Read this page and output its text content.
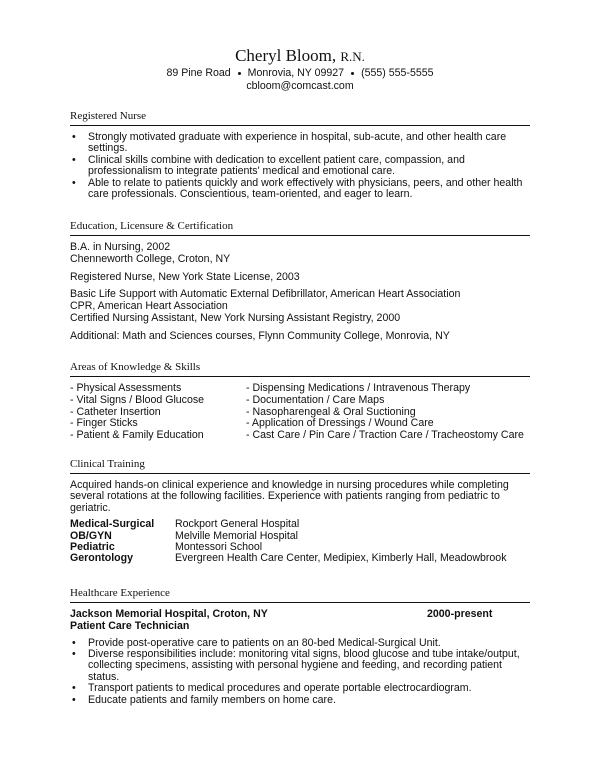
Cheryl Bloom, R.N.
89 Pine Road Monrovia, NY 09927 (555) 555-5555
cbloom@comcast.com
Registered Nurse
• Strongly motivated graduate with experience in hospital, sub-acute, and other health care settings.
• Clinical skills combine with dedication to excellent patient care, compassion, and professionalism to integrate patients' medical and emotional care.
• Able to relate to patients quickly and work effectively with physicians, peers, and other health care professionals. Conscientious, team-oriented, and eager to learn.
Education, Licensure & Certification
B.A. in Nursing, 2002
Chenneworth College, Croton, NY
Registered Nurse, New York State License, 2003
Basic Life Support with Automatic External Defibrillator, American Heart Association
CPR, American Heart Association
Certified Nursing Assistant, New York Nursing Assistant Registry, 2000
Additional: Math and Sciences courses, Flynn Community College, Monrovia, NY
Areas of Knowledge & Skills
- Physical Assessments
- Vital Signs / Blood Glucose
- Catheter Insertion
- Finger Sticks
- Patient & Family Education
- Dispensing Medications / Intravenous Therapy
- Documentation / Care Maps
- Nasopharengeal & Oral Suctioning
- Application of Dressings / Wound Care
- Cast Care / Pin Care / Traction Care / Tracheostomy Care
Clinical Training
Acquired hands-on clinical experience and knowledge in nursing procedures while completing several rotations at the following facilities. Experience with patients ranging from pediatric to geriatric.
Medical-Surgical	Rockport General Hospital
OB/GYN	Melville Memorial Hospital
Pediatric	Montessori School
Gerontology	Evergreen Health Care Center, Medipiex, Kimberly Hall, Meadowbrook
Healthcare Experience
Jackson Memorial Hospital, Croton, NY	2000-present
Patient Care Technician
• Provide post-operative care to patients on an 80-bed Medical-Surgical Unit.
• Diverse responsibilities include: monitoring vital signs, blood glucose and tube intake/output, collecting specimens, assisting with personal hygiene and feeding, and recording patient status.
• Transport patients to medical procedures and operate portable electrocardiogram.
• Educate patients and family members on home care.
